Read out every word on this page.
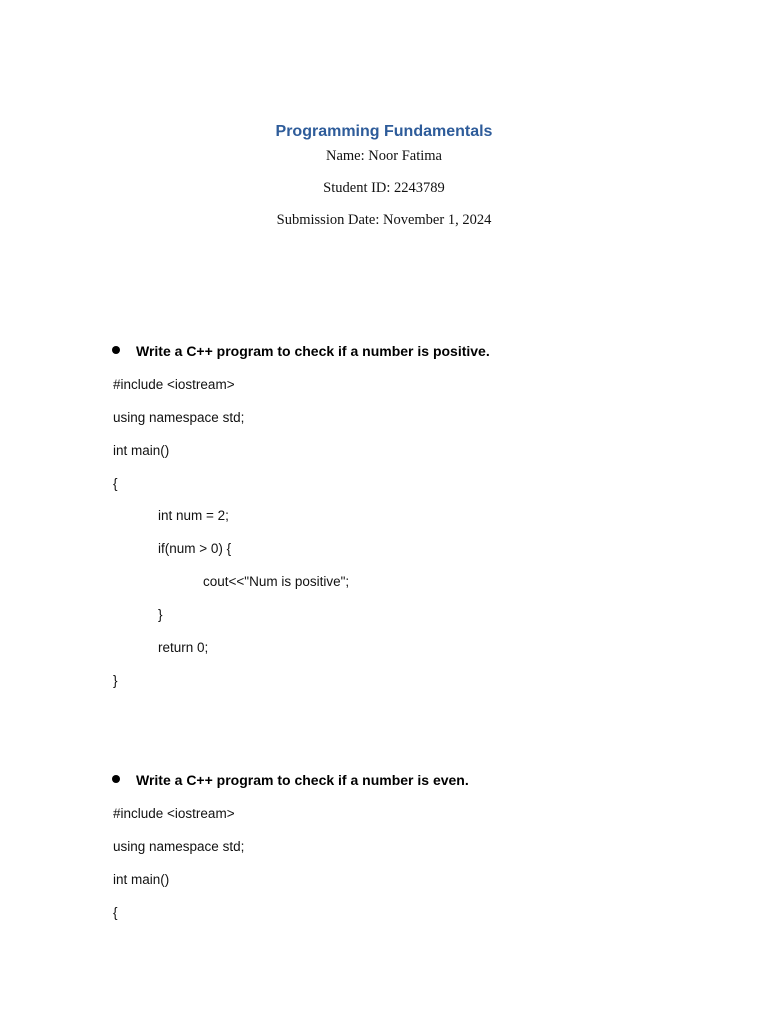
Programming Fundamentals
Name: Noor Fatima
Student ID: 2243789
Submission Date: November 1, 2024
Write a C++ program to check if a number is positive.
#include <iostream>
using namespace std;
int main()
{
int num = 2;
if(num > 0) {
cout<<"Num is positive";
}
return 0;
}
Write a C++ program to check if a number is even.
#include <iostream>
using namespace std;
int main()
{
